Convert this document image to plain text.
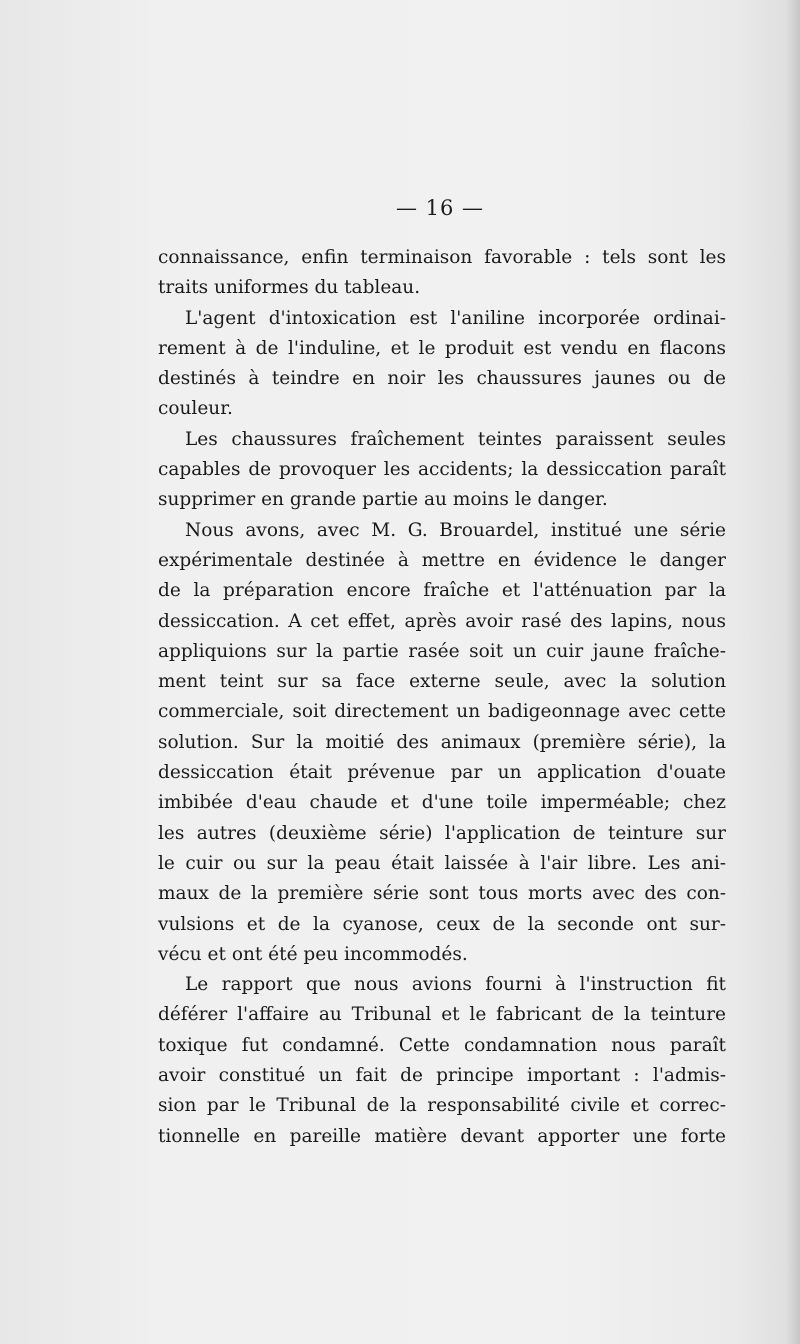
— 16 —
connaissance, enfin terminaison favorable : tels sont les
traits uniformes du tableau.
L'agent d'intoxication est l'aniline incorporée ordinai-
rement à de l'induline, et le produit est vendu en flacons
destinés à teindre en noir les chaussures jaunes ou de
couleur.
Les chaussures fraîchement teintes paraissent seules
capables de provoquer les accidents; la dessiccation paraît
supprimer en grande partie au moins le danger.
Nous avons, avec M. G. Brouardel, institué une série
expérimentale destinée à mettre en évidence le danger
de la préparation encore fraîche et l'atténuation par la
dessiccation. A cet effet, après avoir rasé des lapins, nous
appliquions sur la partie rasée soit un cuir jaune fraîche-
ment teint sur sa face externe seule, avec la solution
commerciale, soit directement un badigeonnage avec cette
solution. Sur la moitié des animaux (première série), la
dessiccation était prévenue par un application d'ouate
imbibée d'eau chaude et d'une toile imperméable; chez
les autres (deuxième série) l'application de teinture sur
le cuir ou sur la peau était laissée à l'air libre. Les ani-
maux de la première série sont tous morts avec des con-
vulsions et de la cyanose, ceux de la seconde ont sur-
vécu et ont été peu incommodés.
Le rapport que nous avions fourni à l'instruction fit
déférer l'affaire au Tribunal et le fabricant de la teinture
toxique fut condamné. Cette condamnation nous paraît
avoir constitué un fait de principe important : l'admis-
sion par le Tribunal de la responsabilité civile et correc-
tionnelle en pareille matière devant apporter une forte
